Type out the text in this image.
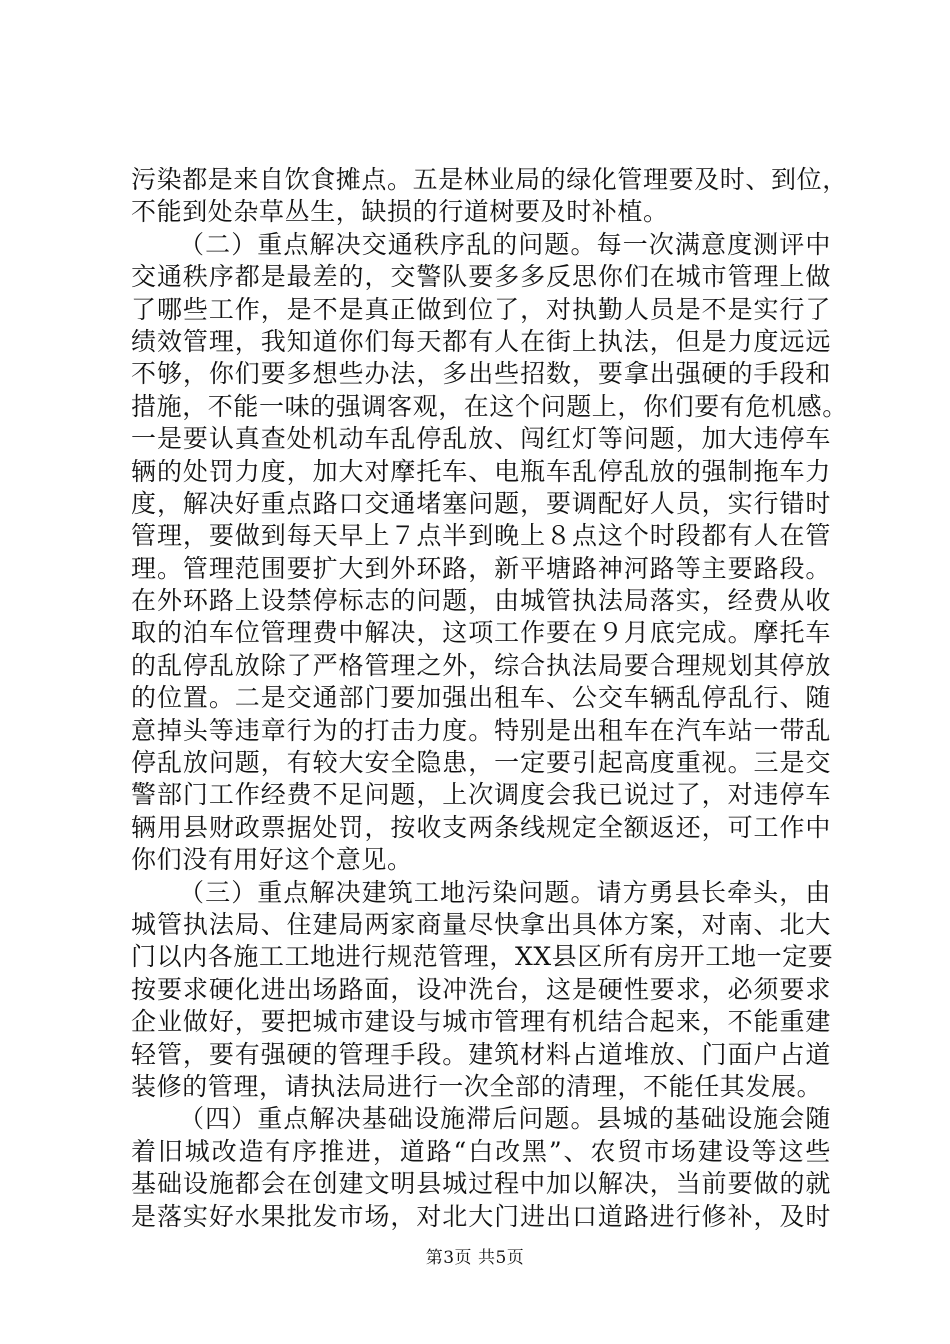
污染都是来自饮食摊点。五是林业局的绿化管理要及时、到位，
不能到处杂草丛生，缺损的行道树要及时补植。
（二）重点解决交通秩序乱的问题。每一次满意度测评中
交通秩序都是最差的，交警队要多多反思你们在城市管理上做
了哪些工作，是不是真正做到位了，对执勤人员是不是实行了
绩效管理，我知道你们每天都有人在街上执法，但是力度远远
不够，你们要多想些办法，多出些招数，要拿出强硬的手段和
措施，不能一味的强调客观，在这个问题上，你们要有危机感。
一是要认真查处机动车乱停乱放、闯红灯等问题，加大违停车
辆的处罚力度，加大对摩托车、电瓶车乱停乱放的强制拖车力
度，解决好重点路口交通堵塞问题，要调配好人员，实行错时
管理，要做到每天早上７点半到晚上８点这个时段都有人在管
理。管理范围要扩大到外环路，新平塘路神河路等主要路段。
在外环路上设禁停标志的问题，由城管执法局落实，经费从收
取的泊车位管理费中解决，这项工作要在９月底完成。摩托车
的乱停乱放除了严格管理之外，综合执法局要合理规划其停放
的位置。二是交通部门要加强出租车、公交车辆乱停乱行、随
意掉头等违章行为的打击力度。特别是出租车在汽车站一带乱
停乱放问题，有较大安全隐患，一定要引起高度重视。三是交
警部门工作经费不足问题，上次调度会我已说过了，对违停车
辆用县财政票据处罚，按收支两条线规定全额返还，可工作中
你们没有用好这个意见。
（三）重点解决建筑工地污染问题。请方勇县长牵头，由
城管执法局、住建局两家商量尽快拿出具体方案，对南、北大
门以内各施工工地进行规范管理，XX县区所有房开工地一定要
按要求硬化进出场路面，设冲洗台，这是硬性要求，必须要求
企业做好，要把城市建设与城市管理有机结合起来，不能重建
轻管，要有强硬的管理手段。建筑材料占道堆放、门面户占道
装修的管理，请执法局进行一次全部的清理，不能任其发展。
（四）重点解决基础设施滞后问题。县城的基础设施会随
着旧城改造有序推进，道路“白改黑”、农贸市场建设等这些
基础设施都会在创建文明县城过程中加以解决，当前要做的就
是落实好水果批发市场，对北大门进出口道路进行修补，及时
第3页 共5页
